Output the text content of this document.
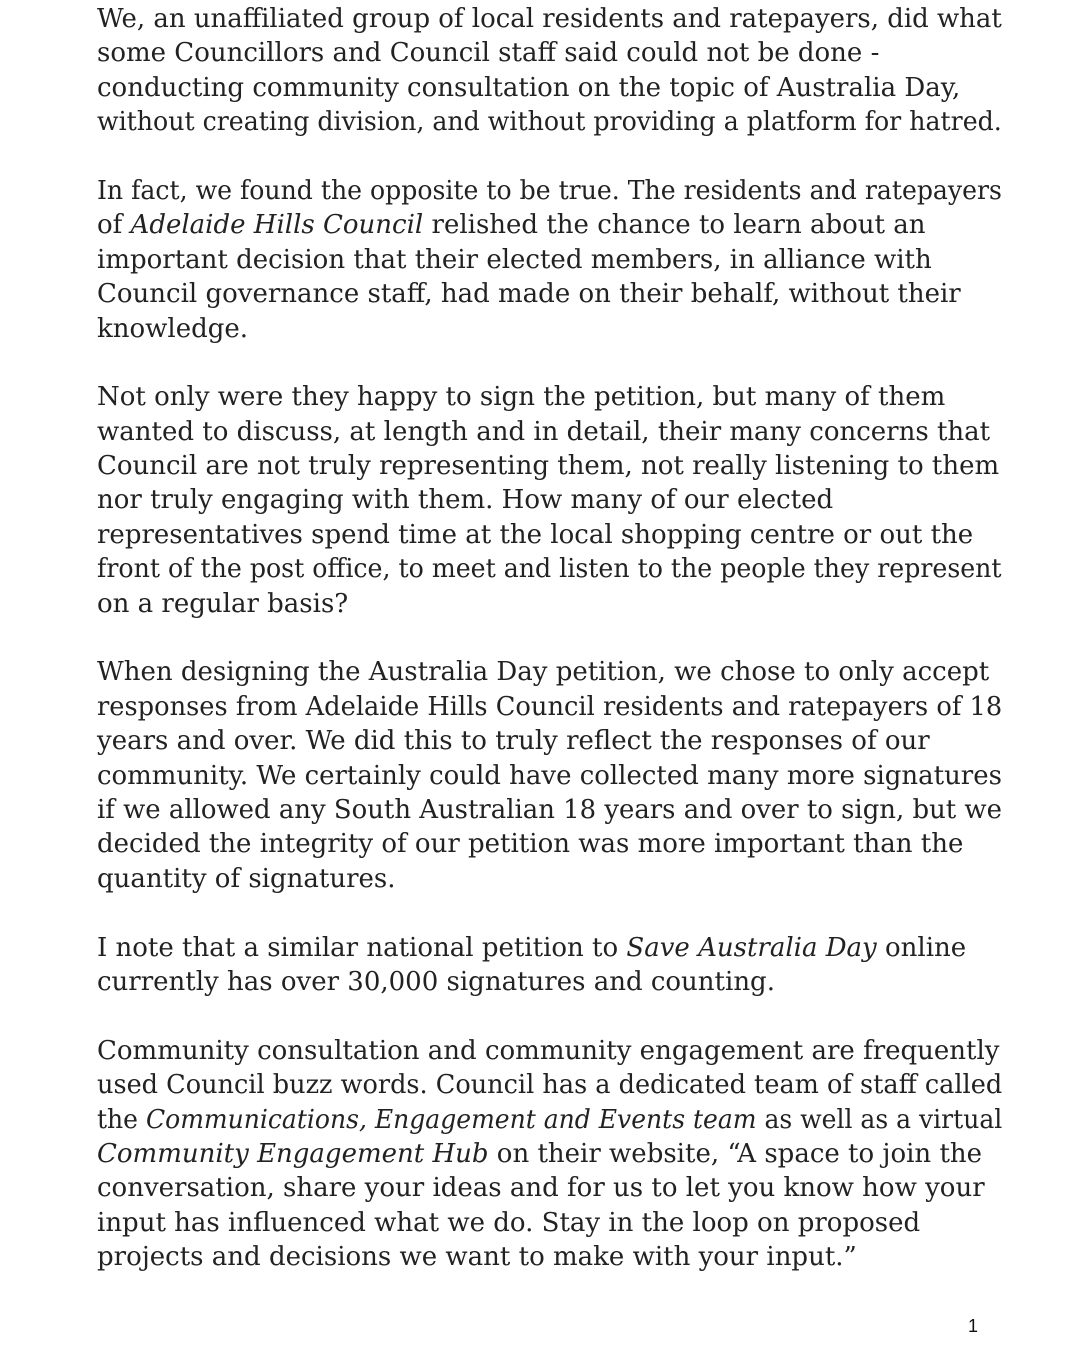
We, an unaffiliated group of local residents and ratepayers, did what
some Councillors and Council staff said could not be done -
conducting community consultation on the topic of Australia Day,
without creating division, and without providing a platform for hatred.
In fact, we found the opposite to be true. The residents and ratepayers
of Adelaide Hills Council relished the chance to learn about an
important decision that their elected members, in alliance with
Council governance staff, had made on their behalf, without their
knowledge.
Not only were they happy to sign the petition, but many of them
wanted to discuss, at length and in detail, their many concerns that
Council are not truly representing them, not really listening to them
nor truly engaging with them. How many of our elected
representatives spend time at the local shopping centre or out the
front of the post office, to meet and listen to the people they represent
on a regular basis?
When designing the Australia Day petition, we chose to only accept
responses from Adelaide Hills Council residents and ratepayers of 18
years and over. We did this to truly reflect the responses of our
community. We certainly could have collected many more signatures
if we allowed any South Australian 18 years and over to sign, but we
decided the integrity of our petition was more important than the
quantity of signatures.
I note that a similar national petition to Save Australia Day online
currently has over 30,000 signatures and counting.
Community consultation and community engagement are frequently
used Council buzz words. Council has a dedicated team of staff called
the Communications, Engagement and Events team as well as a virtual
Community Engagement Hub on their website, “A space to join the
conversation, share your ideas and for us to let you know how your
input has influenced what we do. Stay in the loop on proposed
projects and decisions we want to make with your input.”
1
